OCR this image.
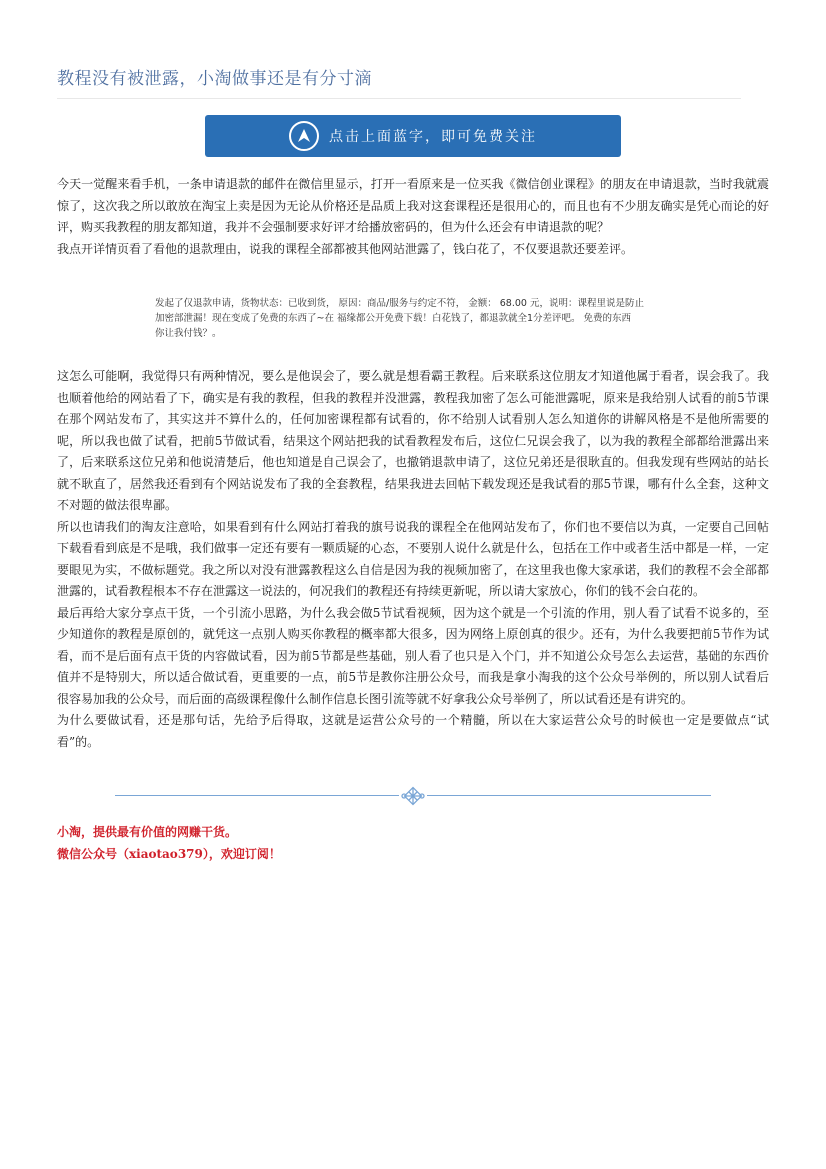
教程没有被泄露，小淘做事还是有分寸滴
点击上面蓝字，即可免费关注

今天一觉醒来看手机，一条申请退款的邮件在微信里显示，打开一看原来是一位买我《微信创业课程》的朋友在申请退款，当时我就震惊了，这次我之所以敢放在淘宝上卖是因为无论从价格还是品质上我对这套课程还是很用心的，而且也有不少朋友确实是凭心而论的好评，购买我教程的朋友都知道，我并不会强制要求好评才给播放密码的，但为什么还会有申请退款的呢？

我点开详情页看了看他的退款理由，说我的课程全部都被其他网站泄露了，钱白花了，不仅要退款还要差评。

发起了仅退款申请，货物状态：已收到货， 原因：商品/服务与约定不符， 金额： 68.00 元，说明：课程里说是防止
加密部泄漏！现在变成了免费的东西了~在 福缘都公开免费下载！白花钱了，都退款就全1分差评吧。 免费的东西
你让我付钱？。

这怎么可能啊，我觉得只有两种情况，要么是他误会了，要么就是想看霸王教程。后来联系这位朋友才知道他属于看者，误会我了。我也顺着他给的网站看了下，确实是有我的教程，但我的教程并没泄露，教程我加密了怎么可能泄露呢，原来是我给别人试看的前5节课在那个网站发布了，其实这并不算什么的，任何加密课程都有试看的，你不给别人试看别人怎么知道你的讲解风格是不是他所需要的呢，所以我也做了试看，把前5节做试看，结果这个网站把我的试看教程发布后，这位仁兄误会我了，以为我的教程全部都给泄露出来了，后来联系这位兄弟和他说清楚后，他也知道是自己误会了，也撤销退款申请了，这位兄弟还是很耿直的。但我发现有些网站的站长就不耿直了，居然我还看到有个网站说发布了我的全套教程，结果我进去回帖下载发现还是我试看的那5节课，哪有什么全套，这种文不对题的做法很卑鄙。

所以也请我们的淘友注意哈，如果看到有什么网站打着我的旗号说我的课程全在他网站发布了，你们也不要信以为真，一定要自己回帖下载看看到底是不是哦，我们做事一定还有要有一颗质疑的心态，不要别人说什么就是什么，包括在工作中或者生活中都是一样，一定要眼见为实，不做标题党。我之所以对没有泄露教程这么自信是因为我的视频加密了，在这里我也像大家承诺，我们的教程不会全部都泄露的，试看教程根本不存在泄露这一说法的，何况我们的教程还有持续更新呢，所以请大家放心，你们的钱不会白花的。

最后再给大家分享点干货，一个引流小思路，为什么我会做5节试看视频，因为这个就是一个引流的作用，别人看了试看不说多的，至少知道你的教程是原创的，就凭这一点别人购买你教程的概率都大很多，因为网络上原创真的很少。还有，为什么我要把前5节作为试看，而不是后面有点干货的内容做试看，因为前5节都是些基础，别人看了也只是入个门，并不知道公众号怎么去运营，基础的东西价值并不是特别大，所以适合做试看，更重要的一点，前5节是教你注册公众号，而我是拿小淘我的这个公众号举例的，所以别人试看后很容易加我的公众号，而后面的高级课程像什么制作信息长图引流等就不好拿我公众号举例了，所以试看还是有讲究的。

为什么要做试看，还是那句话，先给予后得取，这就是运营公众号的一个精髓，所以在大家运营公众号的时候也一定是要做点“试看”的。

小淘，提供最有价值的网赚干货。
微信公众号（xiaotao379），欢迎订阅！
